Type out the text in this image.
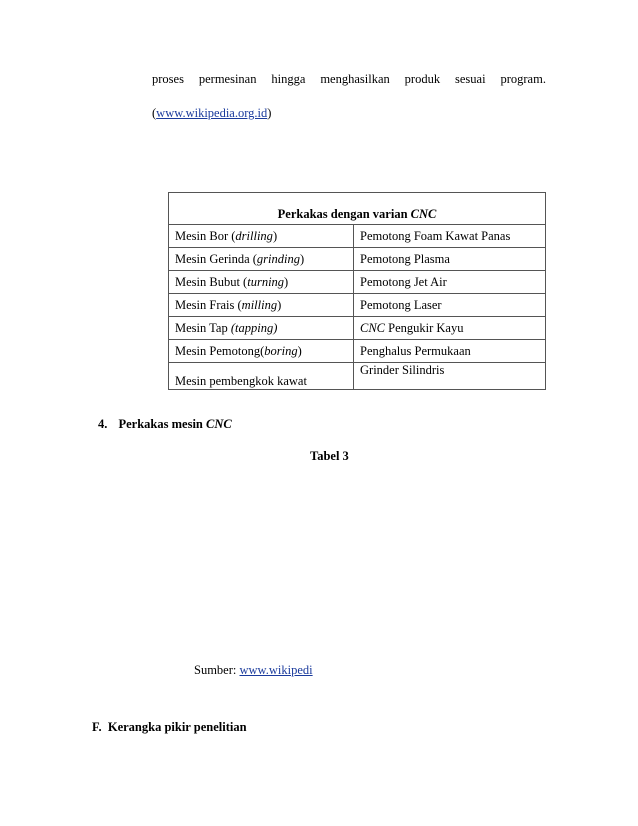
proses permesinan hingga menghasilkan produk sesuai program.
(www.wikipedia.org.id)
Perkakas dengan varian CNC	
Mesin Bor (drilling)	Pemotong Foam Kawat Panas
Mesin Gerinda (grinding)	Pemotong Plasma
Mesin Bubut (turning)	Pemotong Jet Air
Mesin Frais (milling)	Pemotong Laser
Mesin Tap (tapping)	CNC Pengukir Kayu
Mesin Pemotong(boring)	Penghalus Permukaan
Mesin pembengkok kawat	Grinder Silindris
4. Perkakas mesin CNC
Tabel 3
Sumber: www.wikipedi
F.  Kerangka pikir penelitian
